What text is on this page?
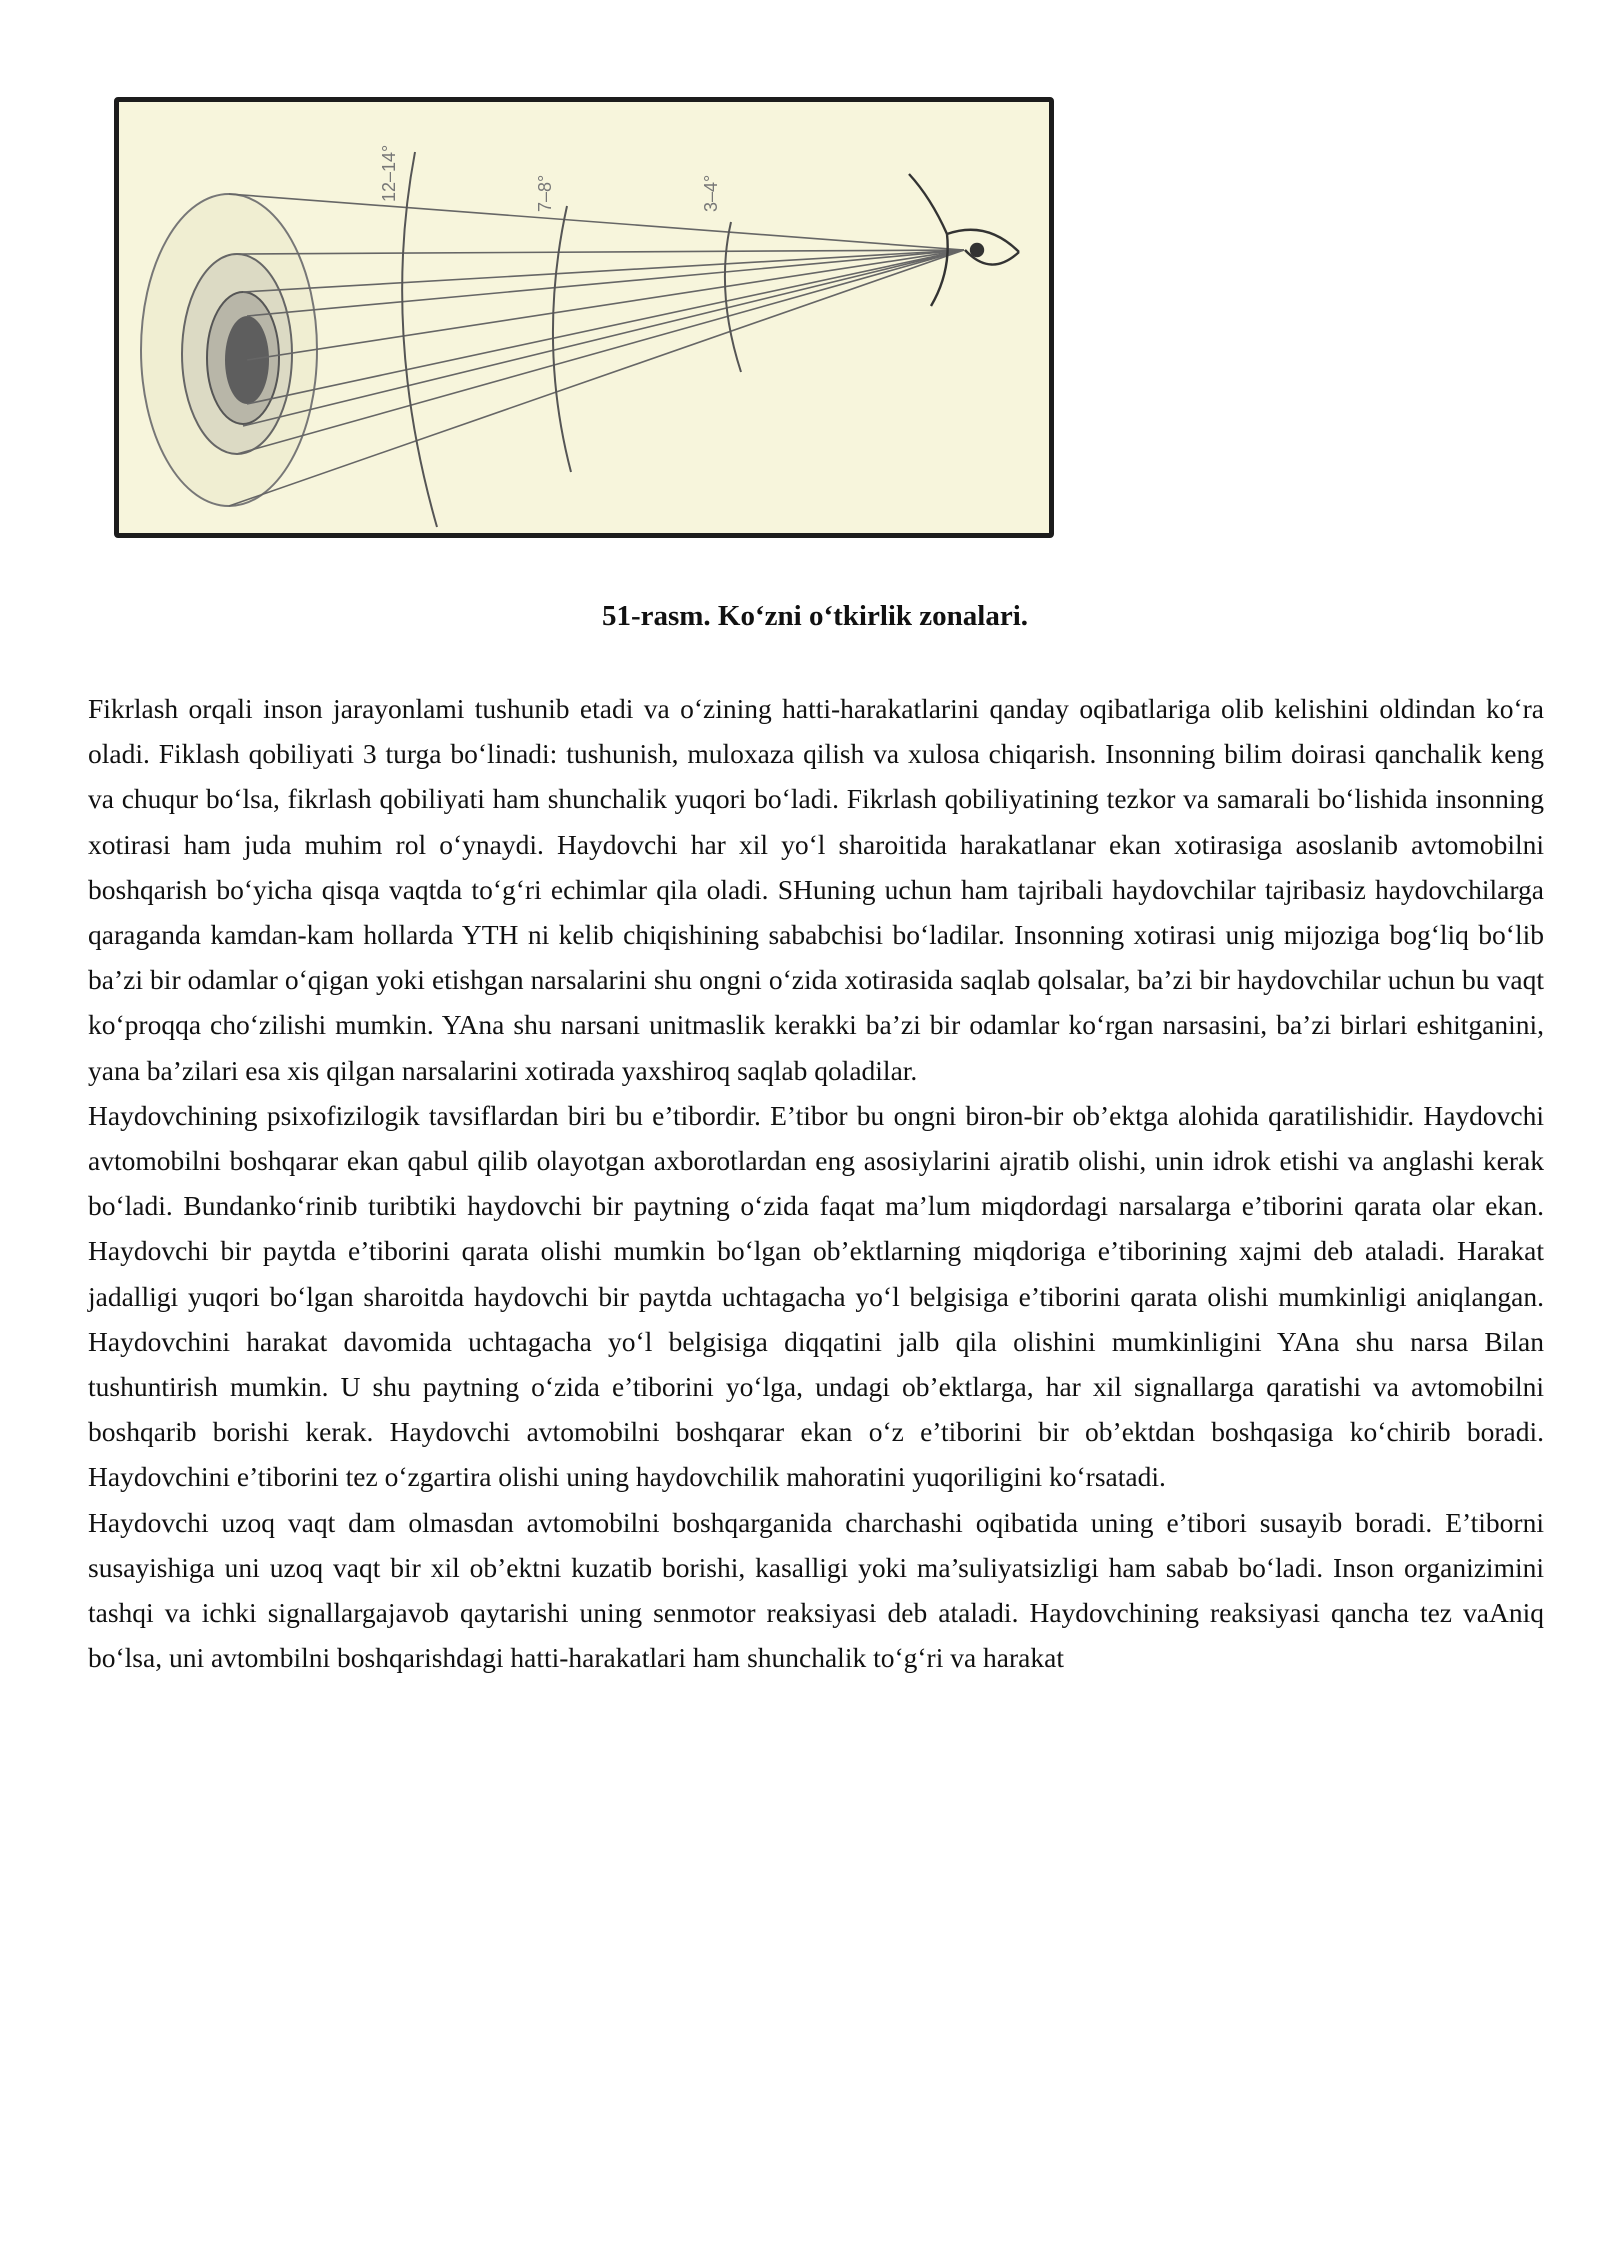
12–14°	7–8°	3–4°
51-rasm. Ko‘zni o‘tkirlik zonalari.

Fikrlash orqali inson jarayonlami tushunib etadi va o‘zining hatti-harakatlarini qanday oqibatlariga olib kelishini oldindan ko‘ra oladi. Fiklash qobiliyati 3 turga bo‘linadi: tushunish, muloxaza qilish va xulosa chiqarish. Insonning bilim doirasi qanchalik keng va chuqur bo‘lsa, fikrlash qobiliyati ham shunchalik yuqori bo‘ladi. Fikrlash qobiliyatining tezkor va samarali bo‘lishida insonning xotirasi ham juda muhim rol o‘ynaydi. Haydovchi har xil yo‘l sharoitida harakatlanar ekan xotirasiga asoslanib avtomobilni boshqarish bo‘yicha qisqa vaqtda to‘g‘ri echimlar qila oladi. SHuning uchun ham tajribali haydovchilar tajribasiz haydovchilarga qaraganda kamdan-kam hollarda YTH ni kelib chiqishining sababchisi bo‘ladilar. Insonning xotirasi unig mijoziga bog‘liq bo‘lib ba’zi bir odamlar o‘qigan yoki etishgan narsalarini shu ongni o‘zida xotirasida saqlab qolsalar, ba’zi bir haydovchilar uchun bu vaqt ko‘proqqa cho‘zilishi mumkin. YAna shu narsani unitmaslik kerakki ba’zi bir odamlar ko‘rgan narsasini, ba’zi birlari eshitganini, yana ba’zilari esa xis qilgan narsalarini xotirada yaxshiroq saqlab qoladilar.

Haydovchining psixofizilogik tavsiflardan biri bu e’tibordir. E’tibor bu ongni biron-bir ob’ektga alohida qaratilishidir. Haydovchi avtomobilni boshqarar ekan qabul qilib olayotgan axborotlardan eng asosiylarini ajratib olishi, unin idrok etishi va anglashi kerak bo‘ladi. Bundanko‘rinib turibtiki haydovchi bir paytning o‘zida faqat ma’lum miqdordagi narsalarga e’tiborini qarata olar ekan. Haydovchi bir paytda e’tiborini qarata olishi mumkin bo‘lgan ob’ektlarning miqdoriga e’tiborining xajmi deb ataladi. Harakat jadalligi yuqori bo‘lgan sharoitda haydovchi bir paytda uchtagacha yo‘l belgisiga e’tiborini qarata olishi mumkinligi aniqlangan. Haydovchini harakat davomida uchtagacha yo‘l belgisiga diqqatini jalb qila olishini mumkinligini YAna shu narsa Bilan tushuntirish mumkin. U shu paytning o‘zida e’tiborini yo‘lga, undagi ob’ektlarga, har xil signallarga qaratishi va avtomobilni boshqarib borishi kerak. Haydovchi avtomobilni boshqarar ekan o‘z e’tiborini bir ob’ektdan boshqasiga ko‘chirib boradi. Haydovchini e’tiborini tez o‘zgartira olishi uning haydovchilik mahoratini yuqoriligini ko‘rsatadi.

Haydovchi uzoq vaqt dam olmasdan avtomobilni boshqarganida charchashi oqibatida uning e’tibori susayib boradi. E’tiborni susayishiga uni uzoq vaqt bir xil ob’ektni kuzatib borishi, kasalligi yoki ma’suliyatsizligi ham sabab bo‘ladi. Inson organizimini tashqi va ichki signallargajavob qaytarishi uning senmotor reaksiyasi deb ataladi. Haydovchining reaksiyasi qancha tez vaAniq bo‘lsa, uni avtombilni boshqarishdagi hatti-harakatlari ham shunchalik to‘g‘ri va harakat
